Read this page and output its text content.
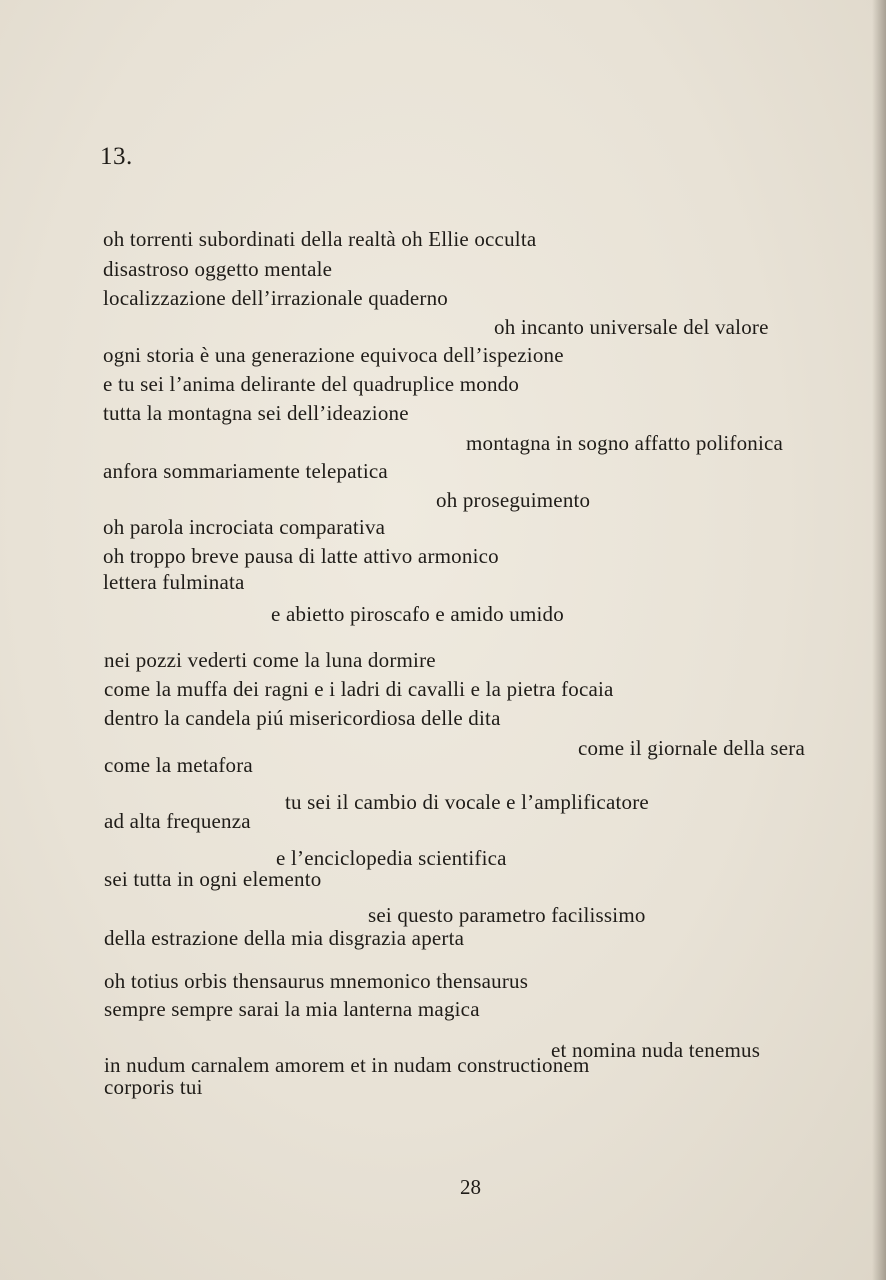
13.
oh torrenti subordinati della realtà oh Ellie occulta
disastroso oggetto mentale
localizzazione dell’irrazionale quaderno
oh incanto universale del valore
ogni storia è una generazione equivoca dell’ispezione
e tu sei l’anima delirante del quadruplice mondo
tutta la montagna sei dell’ideazione
montagna in sogno affatto polifonica
anfora sommariamente telepatica
oh proseguimento
oh parola incrociata comparativa
oh troppo breve pausa di latte attivo armonico
lettera fulminata
e abietto piroscafo e amido umido
nei pozzi vederti come la luna dormire
come la muffa dei ragni e i ladri di cavalli e la pietra focaia
dentro la candela piú misericordiosa delle dita
come il giornale della sera
come la metafora
tu sei il cambio di vocale e l’amplificatore
ad alta frequenza
e l’enciclopedia scientifica
sei tutta in ogni elemento
sei questo parametro facilissimo
della estrazione della mia disgrazia aperta
oh totius orbis thensaurus mnemonico thensaurus
sempre sempre sarai la mia lanterna magica
et nomina nuda tenemus
in nudum carnalem amorem et in nudam constructionem
corporis tui
28
